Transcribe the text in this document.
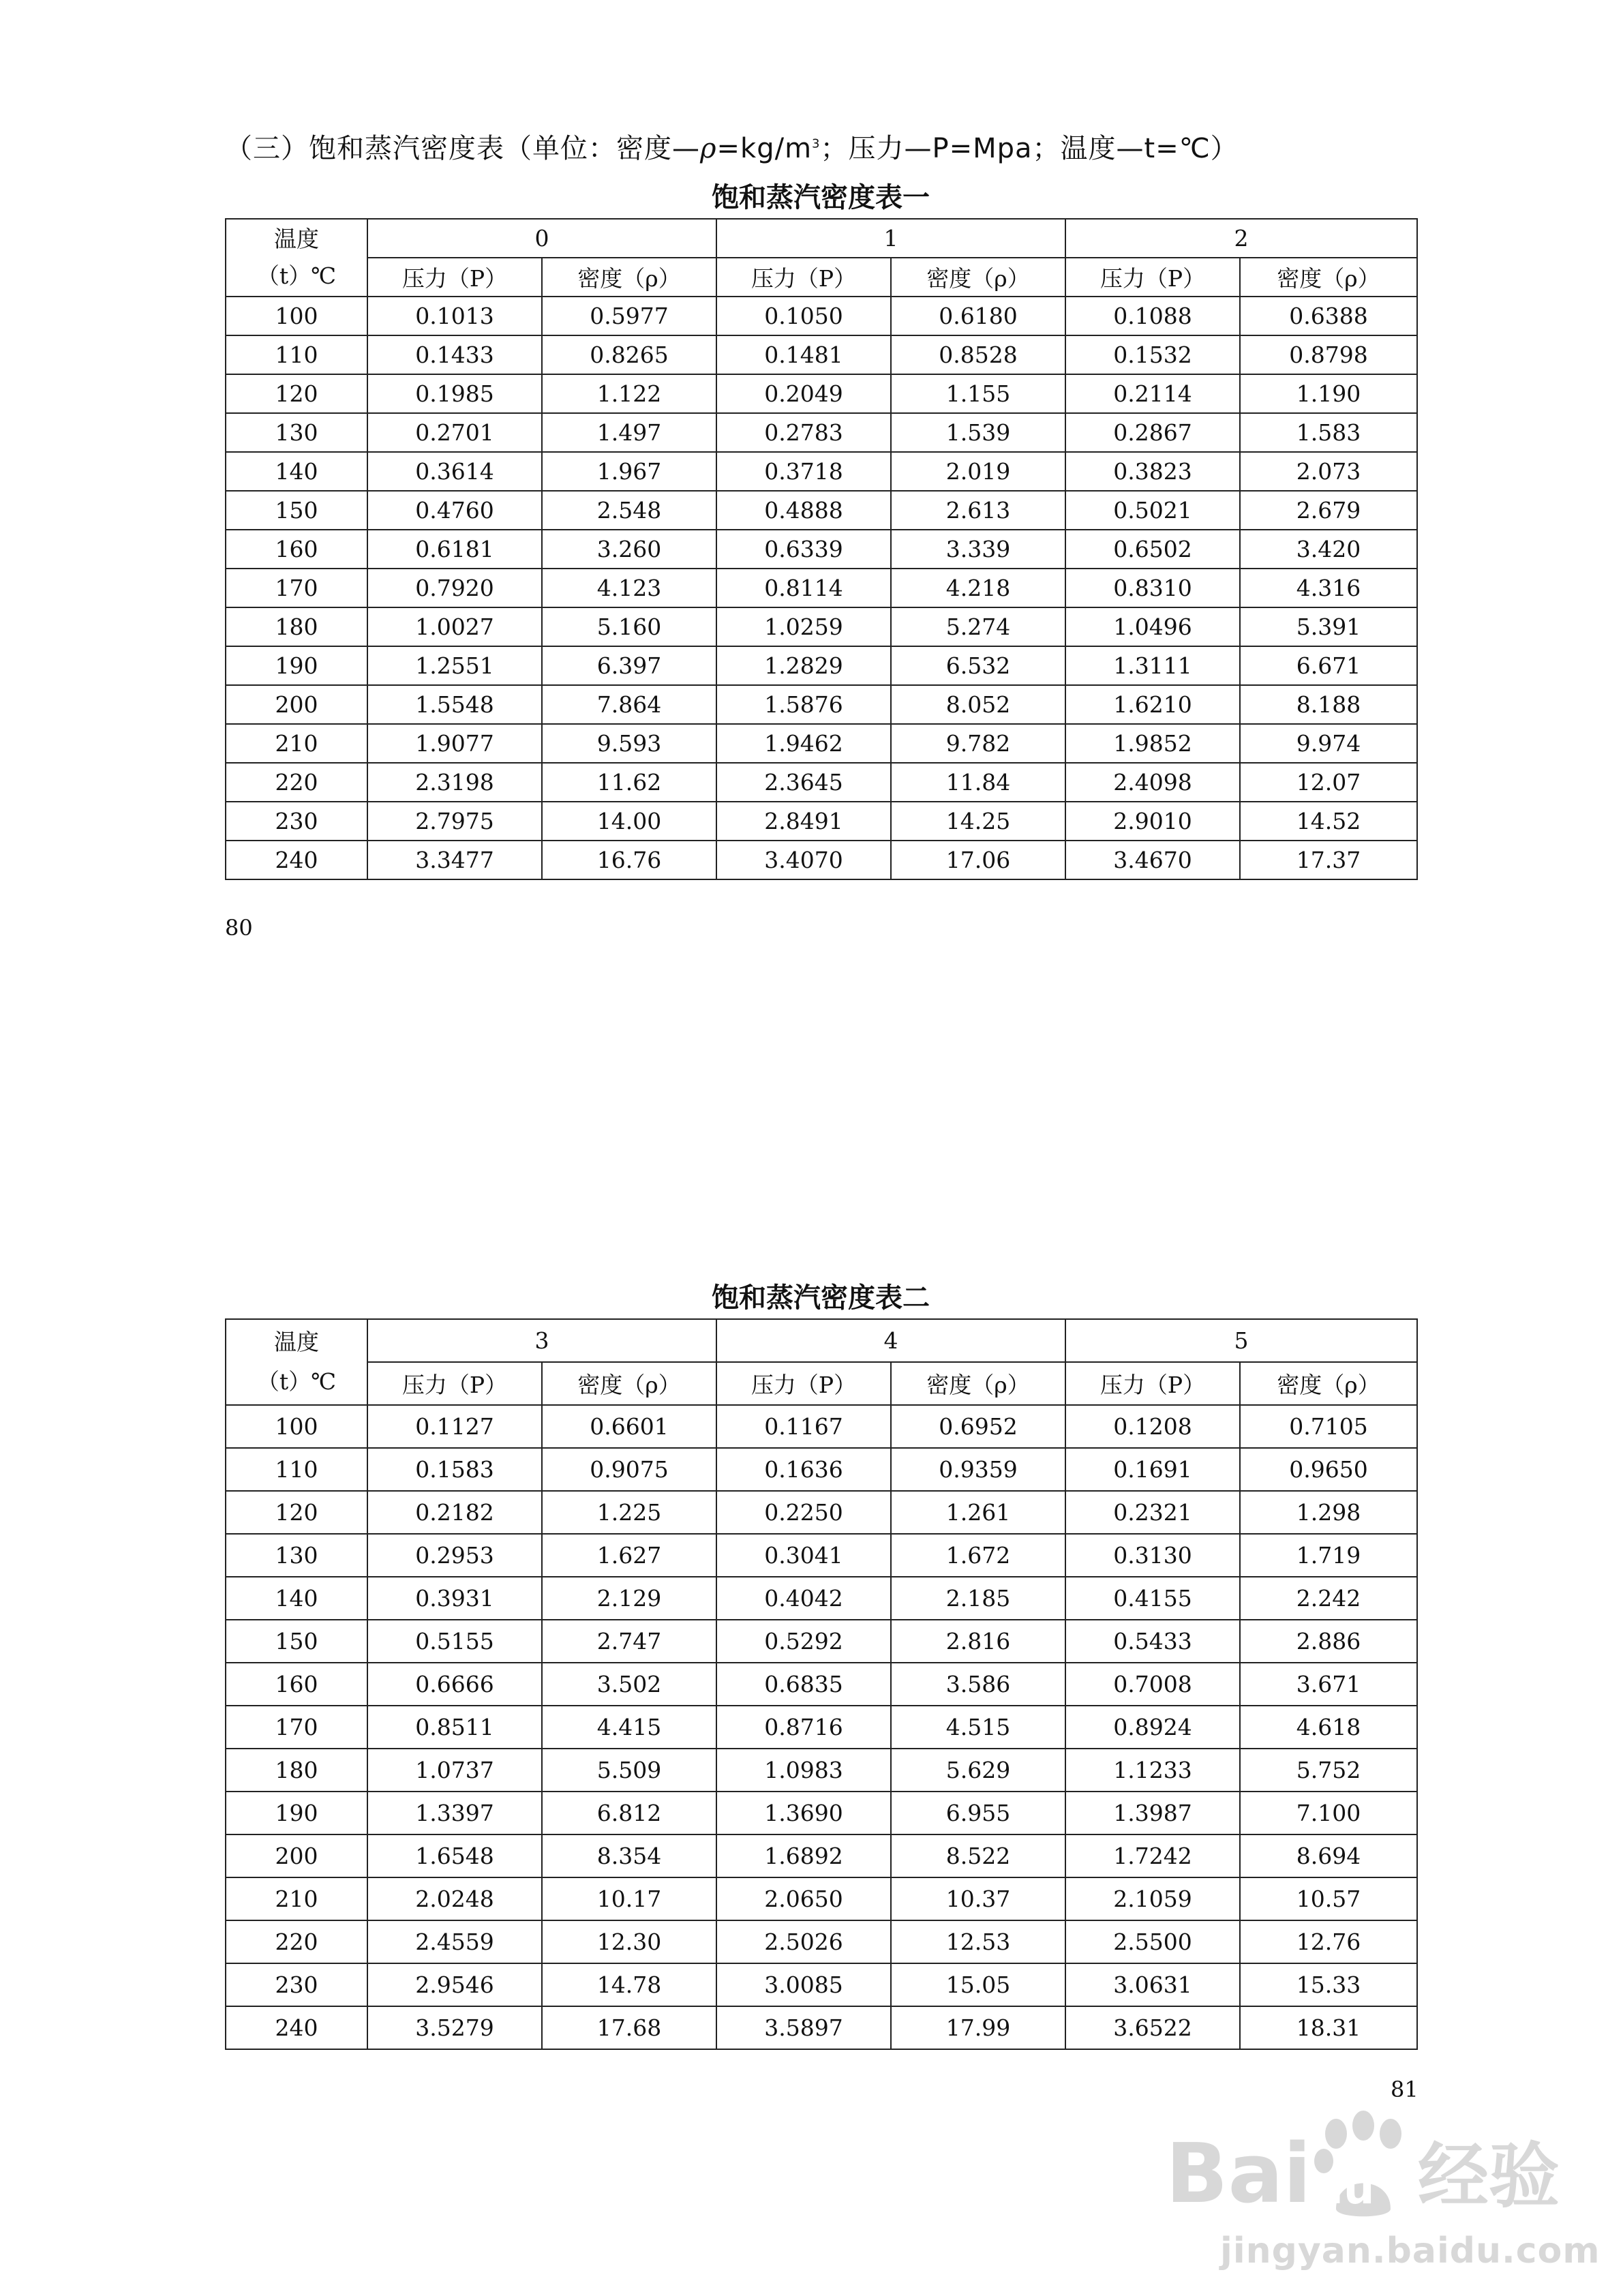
（三）饱和蒸汽密度表（单位：密度$—\rho=kg/m^3$；压力—P=Mpa；温度—t=℃）
饱和蒸汽密度表一
温度
（t）℃	0		1		2	
	压力（P）	密度（ρ）	压力（P）	密度（ρ）	压力（P）	密度（ρ）
100	0.1013	0.5977	0.1050	0.6180	0.1088	0.6388
110	0.1433	0.8265	0.1481	0.8528	0.1532	0.8798
120	0.1985	1.122	0.2049	1.155	0.2114	1.190
130	0.2701	1.497	0.2783	1.539	0.2867	1.583
140	0.3614	1.967	0.3718	2.019	0.3823	2.073
150	0.4760	2.548	0.4888	2.613	0.5021	2.679
160	0.6181	3.260	0.6339	3.339	0.6502	3.420
170	0.7920	4.123	0.8114	4.218	0.8310	4.316
180	1.0027	5.160	1.0259	5.274	1.0496	5.391
190	1.2551	6.397	1.2829	6.532	1.3111	6.671
200	1.5548	7.864	1.5876	8.052	1.6210	8.188
210	1.9077	9.593	1.9462	9.782	1.9852	9.974
220	2.3198	11.62	2.3645	11.84	2.4098	12.07
230	2.7975	14.00	2.8491	14.25	2.9010	14.52
240	3.3477	16.76	3.4070	17.06	3.4670	17.37
80
饱和蒸汽密度表二
温度
（t）℃	3		4		5	
	压力（P）	密度（ρ）	压力（P）	密度（ρ）	压力（P）	密度（ρ）
100	0.1127	0.6601	0.1167	0.6952	0.1208	0.7105
110	0.1583	0.9075	0.1636	0.9359	0.1691	0.9650
120	0.2182	1.225	0.2250	1.261	0.2321	1.298
130	0.2953	1.627	0.3041	1.672	0.3130	1.719
140	0.3931	2.129	0.4042	2.185	0.4155	2.242
150	0.5155	2.747	0.5292	2.816	0.5433	2.886
160	0.6666	3.502	0.6835	3.586	0.7008	3.671
170	0.8511	4.415	0.8716	4.515	0.8924	4.618
180	1.0737	5.509	1.0983	5.629	1.1233	5.752
190	1.3397	6.812	1.3690	6.955	1.3987	7.100
200	1.6548	8.354	1.6892	8.522	1.7242	8.694
210	2.0248	10.17	2.0650	10.37	2.1059	10.57
220	2.4559	12.30	2.5026	12.53	2.5500	12.76
230	2.9546	14.78	3.0085	15.05	3.0631	15.33
240	3.5279	17.68	3.5897	17.99	3.6522	18.31
81
Bai du 经验
jingyan.baidu.com
